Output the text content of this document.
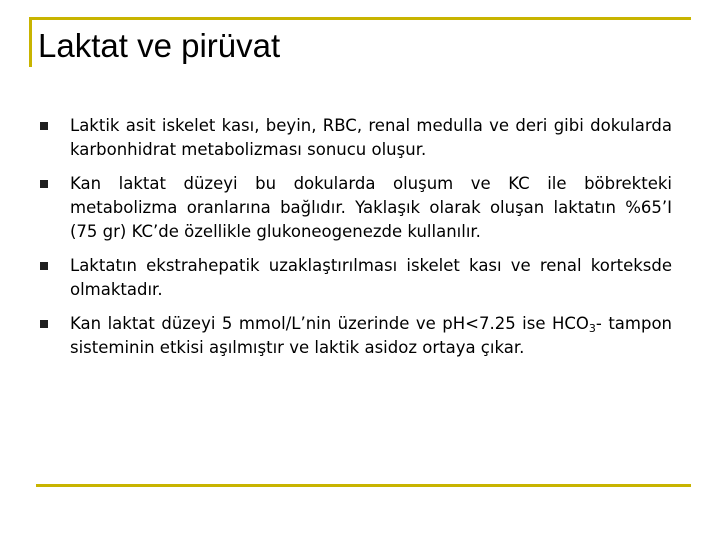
Laktat ve pirüvat
Laktik asit iskelet kası, beyin, RBC, renal medulla ve deri gibi dokularda karbonhidrat metabolizması sonucu oluşur.
Kan laktat düzeyi bu dokularda oluşum ve KC ile böbrekteki metabolizma oranlarına bağlıdır. Yaklaşık olarak oluşan laktatın %65’I (75 gr) KC’de özellikle glukoneogenezde kullanılır.
Laktatın ekstrahepatik uzaklaştırılması iskelet kası ve renal korteksde olmaktadır.
Kan laktat düzeyi 5 mmol/L’nin üzerinde ve pH<7.25 ise $HCO_3-$ tampon sisteminin etkisi aşılmıştır ve laktik asidoz ortaya çıkar.
